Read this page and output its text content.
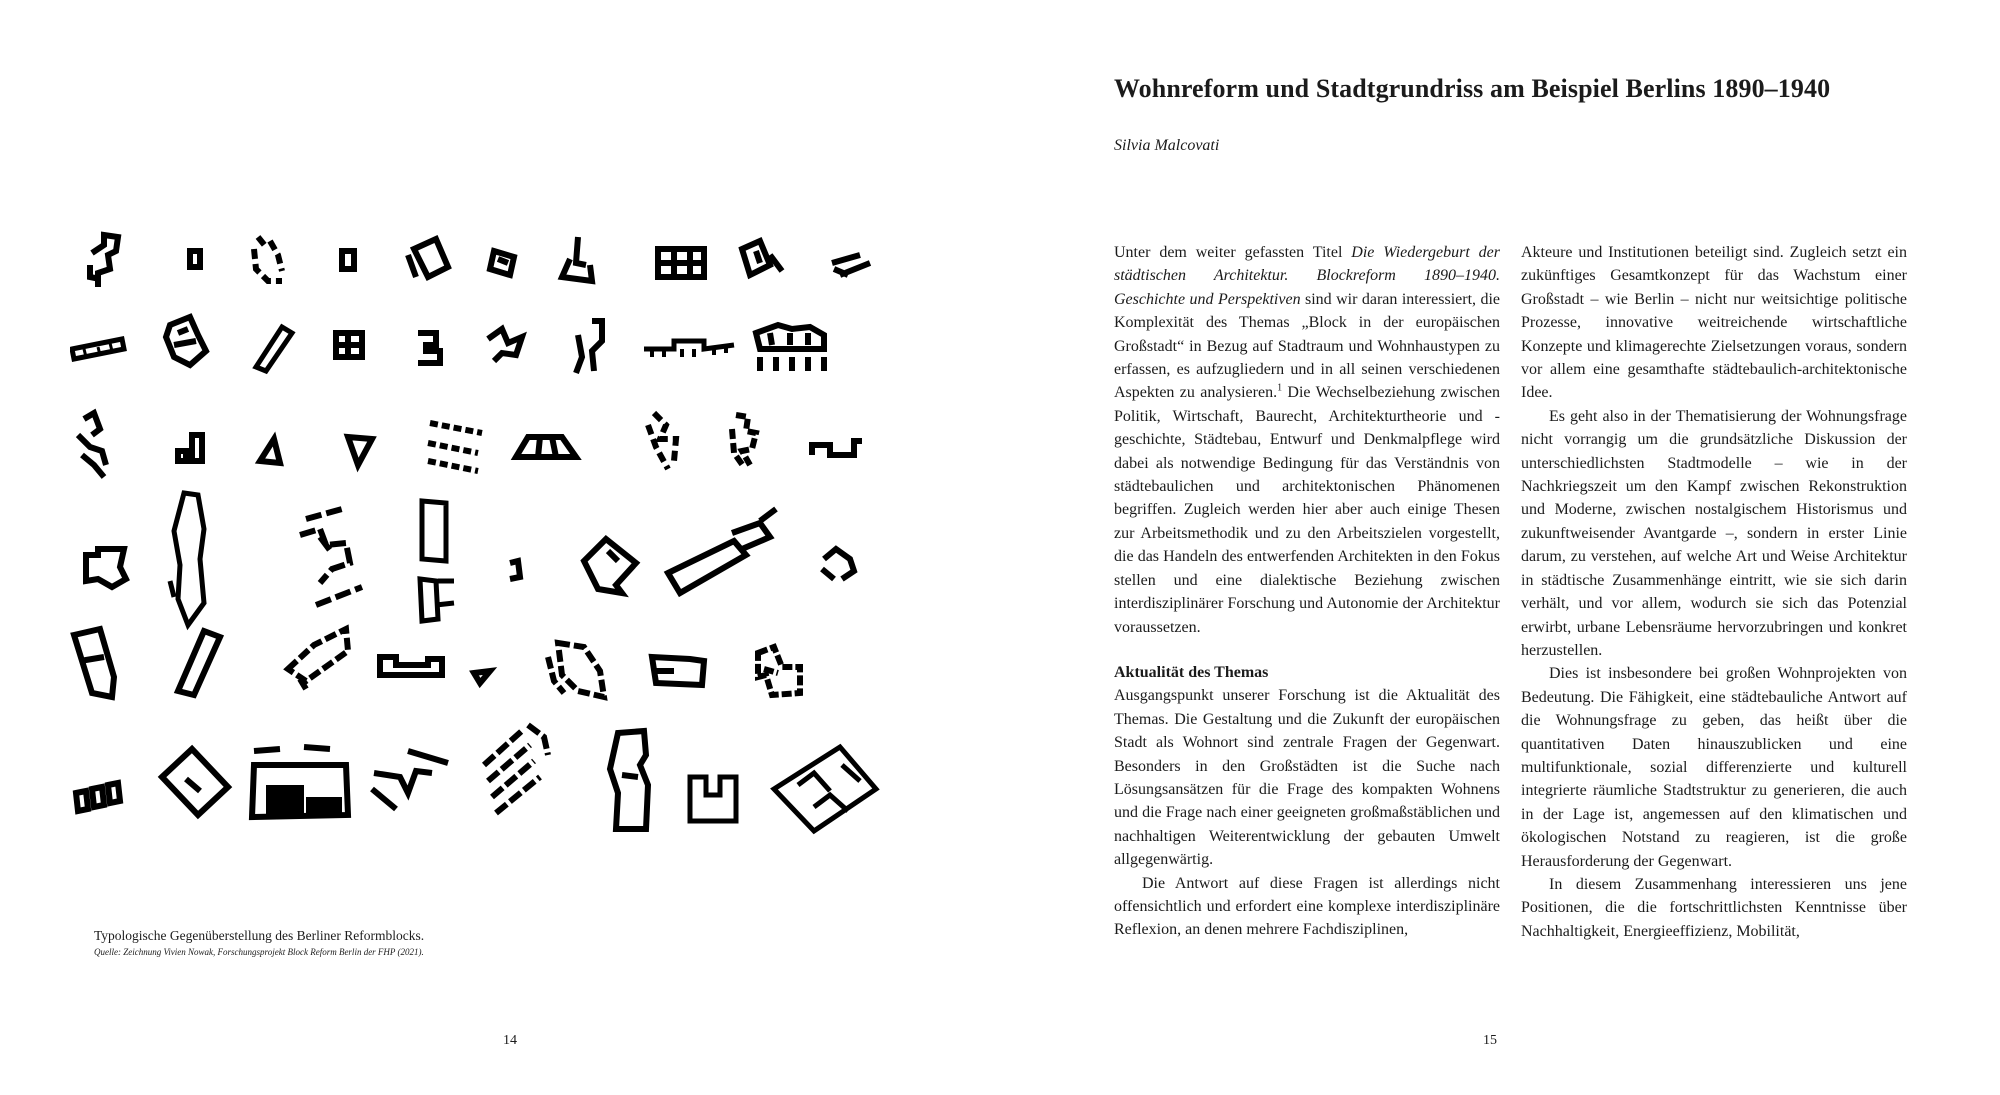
Typologische Gegenüberstellung des Berliner Reformblocks.
Quelle: Zeichnung Vivien Nowak, Forschungsprojekt Block Reform Berlin der FHP (2021).
14
Wohnreform und Stadtgrundriss am Beispiel Berlins 1890–1940
Silvia Malcovati

Unter dem weiter gefassten Titel Die Wiedergeburt der städtischen Architektur. Blockreform 1890–1940. Geschichte und Perspektiven sind wir daran interessiert, die Komplexität des Themas „Block in der europäischen Großstadt“ in Bezug auf Stadtraum und Wohnhaustypen zu erfassen, es aufzugliedern und in all seinen verschiedenen Aspekten zu analysieren.$^1$ Die Wechselbeziehung zwischen Politik, Wirtschaft, Baurecht, Architekturtheorie und -geschichte, Städtebau, Entwurf und Denkmalpflege wird dabei als notwendige Bedingung für das Verständnis von städtebaulichen und architektonischen Phänomenen begriffen. Zugleich werden hier aber auch einige Thesen zur Arbeitsmethodik und zu den Arbeitszielen vorgestellt, die das Handeln des entwerfenden Architekten in den Fokus stellen und eine dialektische Beziehung zwischen interdisziplinärer Forschung und Autonomie der Architektur voraussetzen.

Aktualität des Themas

Ausgangspunkt unserer Forschung ist die Aktualität des Themas. Die Gestaltung und die Zukunft der europäischen Stadt als Wohnort sind zentrale Fragen der Gegenwart. Besonders in den Großstädten ist die Suche nach Lösungsansätzen für die Frage des kompakten Wohnens und die Frage nach einer geeigneten großmaßstäblichen und nachhaltigen Weiterentwicklung der gebauten Umwelt allgegenwärtig.

Die Antwort auf diese Fragen ist allerdings nicht offensichtlich und erfordert eine komplexe interdisziplinäre Reflexion, an denen mehrere Fachdisziplinen,

Akteure und Institutionen beteiligt sind. Zugleich setzt ein zukünftiges Gesamtkonzept für das Wachstum einer Großstadt – wie Berlin – nicht nur weitsichtige politische Prozesse, innovative weitreichende wirtschaftliche Konzepte und klimagerechte Zielsetzungen voraus, sondern vor allem eine gesamthafte städtebaulich-architektonische Idee.

Es geht also in der Thematisierung der Wohnungsfrage nicht vorrangig um die grundsätzliche Diskussion der unterschiedlichsten Stadtmodelle – wie in der Nachkriegszeit um den Kampf zwischen Rekonstruktion und Moderne, zwischen nostalgischem Historismus und zukunftweisender Avantgarde –, sondern in erster Linie darum, zu verstehen, auf welche Art und Weise Architektur in städtische Zusammenhänge eintritt, wie sie sich darin verhält, und vor allem, wodurch sie sich das Potenzial erwirbt, urbane Lebensräume hervorzubringen und konkret herzustellen.

Dies ist insbesondere bei großen Wohnprojekten von Bedeutung. Die Fähigkeit, eine städtebauliche Antwort auf die Wohnungsfrage zu geben, das heißt über die quantitativen Daten hinauszublicken und eine multifunktionale, sozial differenzierte und kulturell integrierte räumliche Stadtstruktur zu generieren, die auch in der Lage ist, angemessen auf den klimatischen und ökologischen Notstand zu reagieren, ist die große Herausforderung der Gegenwart.

In diesem Zusammenhang interessieren uns jene Positionen, die die fortschrittlichsten Kenntnisse über Nachhaltigkeit, Energieeffizienz, Mobilität,

15
